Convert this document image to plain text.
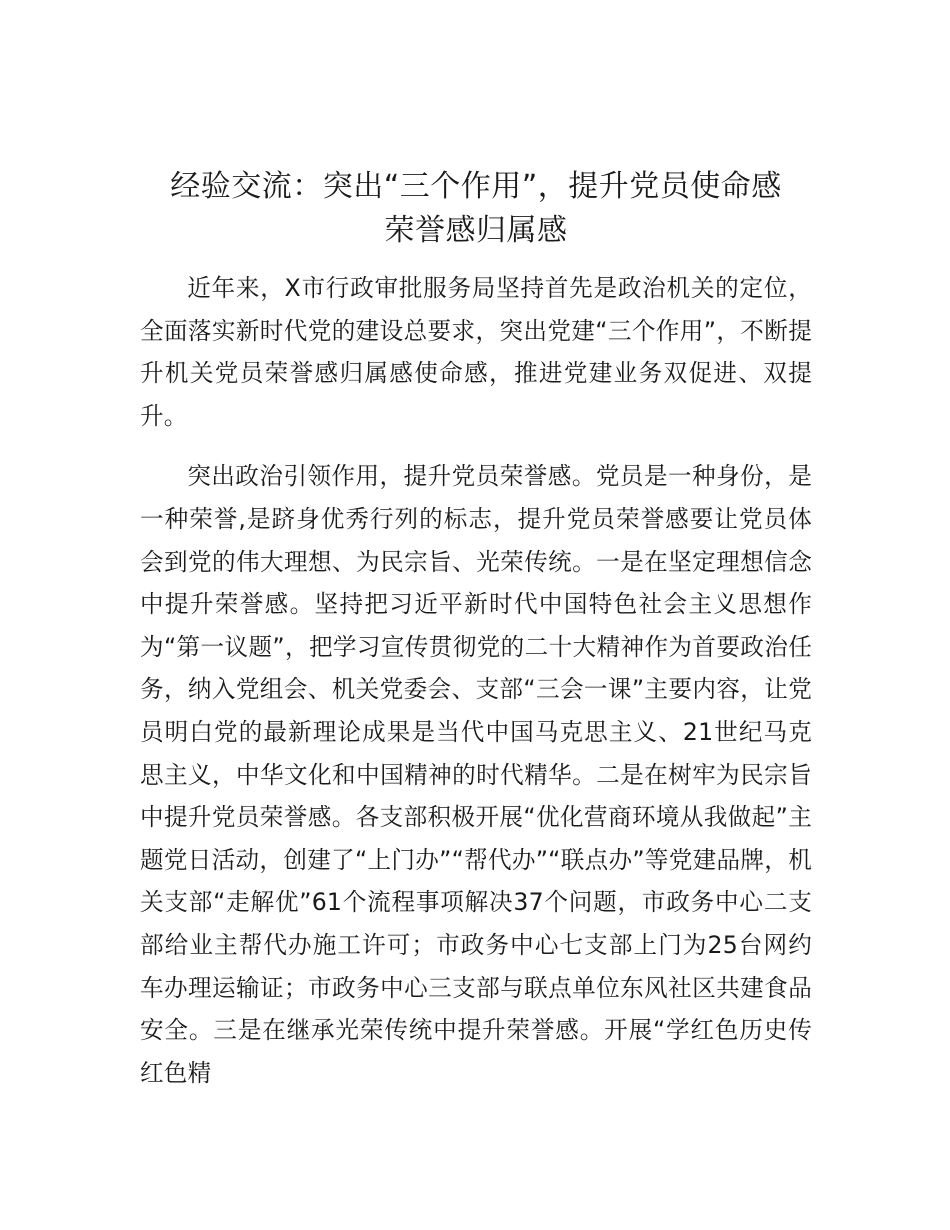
经验交流：突出“三个作用”，提升党员使命感
荣誉感归属感

近年来，X市行政审批服务局坚持首先是政治机关的定位，全面落实新时代党的建设总要求，突出党建“三个作用”，不断提升机关党员荣誉感归属感使命感，推进党建业务双促进、双提升。

突出政治引领作用，提升党员荣誉感。党员是一种身份，是一种荣誉,是跻身优秀行列的标志，提升党员荣誉感要让党员体会到党的伟大理想、为民宗旨、光荣传统。一是在坚定理想信念中提升荣誉感。坚持把习近平新时代中国特色社会主义思想作为“第一议题”，把学习宣传贯彻党的二十大精神作为首要政治任务，纳入党组会、机关党委会、支部“三会一课”主要内容，让党员明白党的最新理论成果是当代中国马克思主义、21世纪马克思主义，中华文化和中国精神的时代精华。二是在树牢为民宗旨中提升党员荣誉感。各支部积极开展“优化营商环境从我做起”主题党日活动，创建了“上门办”“帮代办”“联点办”等党建品牌，机关支部“走解优”61个流程事项解决37个问题，市政务中心二支部给业主帮代办施工许可；市政务中心七支部上门为25台网约车办理运输证；市政务中心三支部与联点单位东风社区共建食品安全。三是在继承光荣传统中提升荣誉感。开展“学红色历史传红色精
